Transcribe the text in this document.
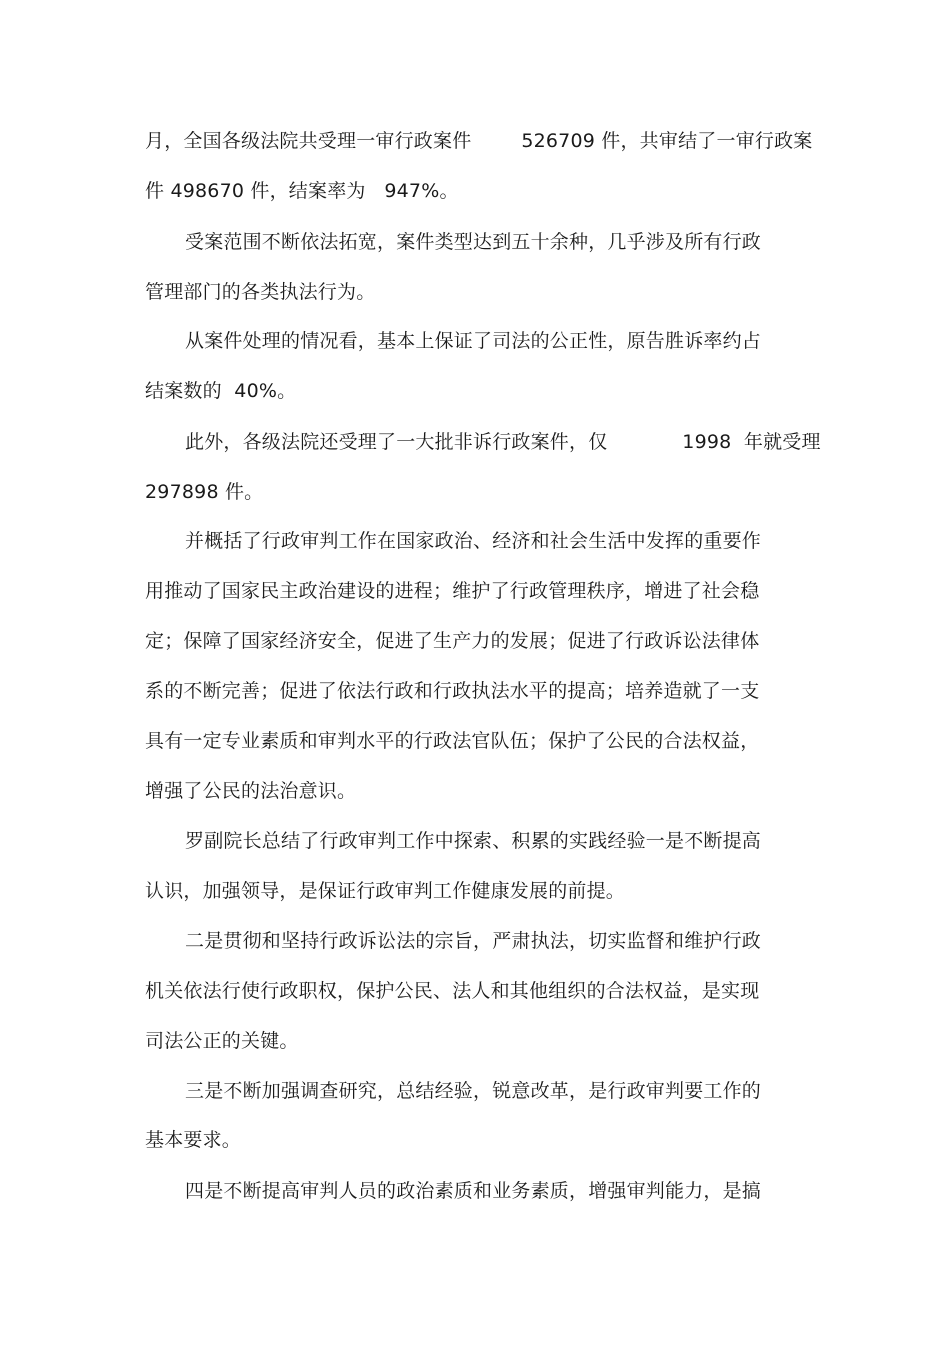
月，全国各级法院共受理一审行政案件        526709 件，共审结了一审行政案
件 498670 件，结案率为   947%。
受案范围不断依法拓宽，案件类型达到五十余种，几乎涉及所有行政
管理部门的各类执法行为。
从案件处理的情况看，基本上保证了司法的公正性，原告胜诉率约占
结案数的  40%。
此外，各级法院还受理了一大批非诉行政案件，仅            1998  年就受理
297898 件。
并概括了行政审判工作在国家政治、经济和社会生活中发挥的重要作
用推动了国家民主政治建设的进程；维护了行政管理秩序，增进了社会稳
定；保障了国家经济安全，促进了生产力的发展；促进了行政诉讼法律体
系的不断完善；促进了依法行政和行政执法水平的提高；培养造就了一支
具有一定专业素质和审判水平的行政法官队伍；保护了公民的合法权益，
增强了公民的法治意识。
罗副院长总结了行政审判工作中探索、积累的实践经验一是不断提高
认识，加强领导，是保证行政审判工作健康发展的前提。
二是贯彻和坚持行政诉讼法的宗旨，严肃执法，切实监督和维护行政
机关依法行使行政职权，保护公民、法人和其他组织的合法权益，是实现
司法公正的关键。
三是不断加强调查研究，总结经验，锐意改革，是行政审判要工作的
基本要求。
四是不断提高审判人员的政治素质和业务素质，增强审判能力，是搞
